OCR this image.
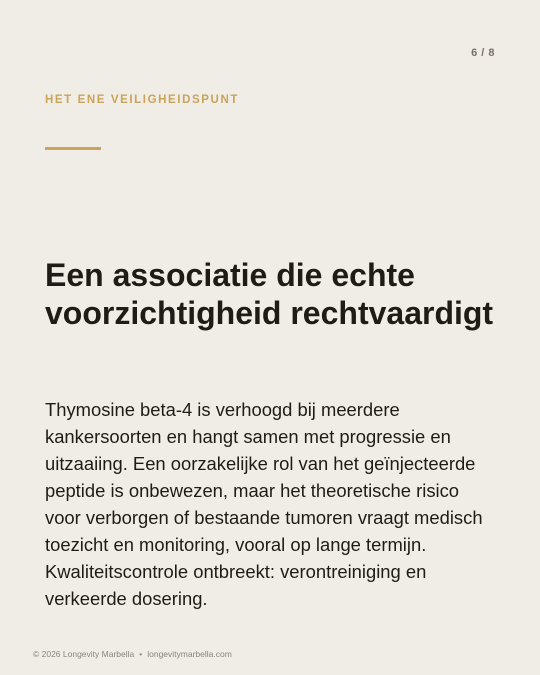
6 / 8
HET ENE VEILIGHEIDSPUNT
Een associatie die echte voorzichtigheid rechtvaardigt

Thymosine beta-4 is verhoogd bij meerdere kankersoorten en hangt samen met progressie en uitzaaiing. Een oorzakelijke rol van het geïnjecteerde peptide is onbewezen, maar het theoretische risico voor verborgen of bestaande tumoren vraagt medisch toezicht en monitoring, vooral op lange termijn. Kwaliteitscontrole ontbreekt: verontreiniging en verkeerde dosering.

© 2026 Longevity Marbella • longevitymarbella.com
